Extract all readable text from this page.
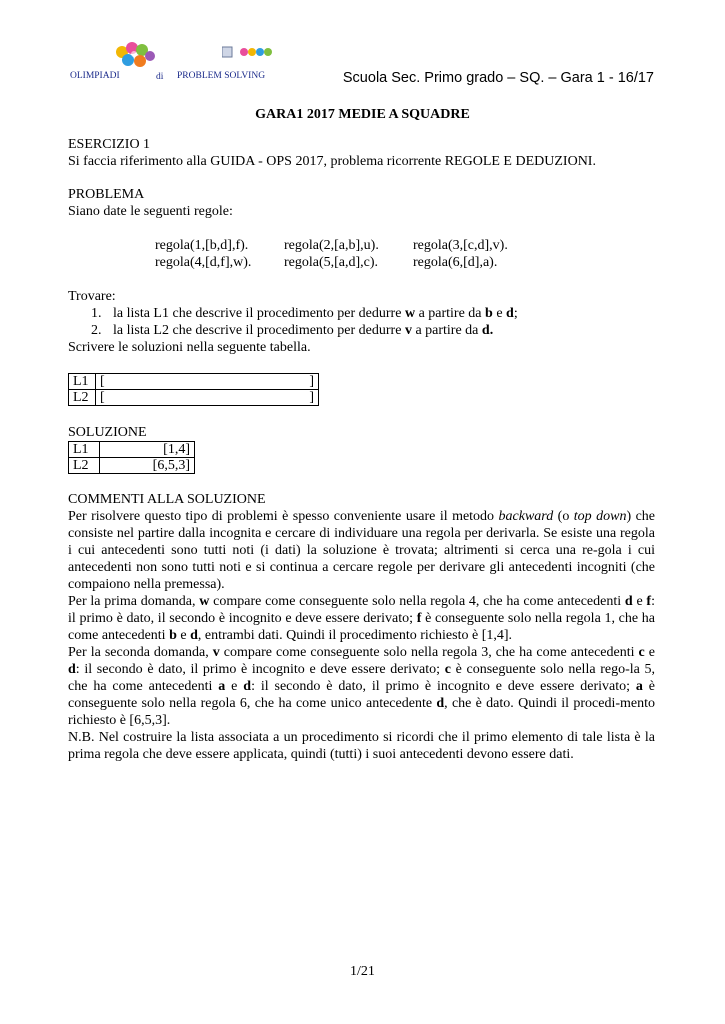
OLIMPIADI	di PROBLEM SOLVING	Scuola Sec. Primo grado – SQ. – Gara 1 - 16/17
GARA1 2017 MEDIE A SQUADRE
ESERCIZIO 1
Si faccia riferimento alla GUIDA - OPS 2017, problema ricorrente REGOLE E DEDUZIONI.
PROBLEMA
Siano date le seguenti regole:
regola(1,[b,d],f).	regola(2,[a,b],u). regola(3,[c,d],v).
regola(4,[d,f],w). regola(5,[a,d],c). regola(6,[d],a).
Trovare:
1. la lista L1 che descrive il procedimento per dedurre w a partire da b e d;
2. la lista L2 che descrive il procedimento per dedurre v a partire da d.
Scrivere le soluzioni nella seguente tabella.
L1	[ ]

L2	[ ]
SOLUZIONE
L1	[1,4]
L2	[6,5,3]
COMMENTI ALLA SOLUZIONE
Per risolvere questo tipo di problemi è spesso conveniente usare il metodo backward (o top down) che consiste nel partire dalla incognita e cercare di individuare una regola per derivarla. Se esiste una regola i cui antecedenti sono tutti noti (i dati) la soluzione è trovata; altrimenti si cerca una re-gola i cui antecedenti non sono tutti noti e si continua a cercare regole per derivare gli antecedenti incogniti (che compaiono nella premessa).
Per la prima domanda, w compare come conseguente solo nella regola 4, che ha come antecedenti d e f: il primo è dato, il secondo è incognito e deve essere derivato; f è conseguente solo nella regola 1, che ha come antecedenti b e d, entrambi dati. Quindi il procedimento richiesto è [1,4].
Per la seconda domanda, v compare come conseguente solo nella regola 3, che ha come antecedenti c e d: il secondo è dato, il primo è incognito e deve essere derivato; c è conseguente solo nella rego-la 5, che ha come antecedenti a e d: il secondo è dato, il primo è incognito e deve essere derivato; a è conseguente solo nella regola 6, che ha come unico antecedente d, che è dato. Quindi il procedi-mento richiesto è [6,5,3].
N.B. Nel costruire la lista associata a un procedimento si ricordi che il primo elemento di tale lista è la prima regola che deve essere applicata, quindi (tutti) i suoi antecedenti devono essere dati.
1/21
